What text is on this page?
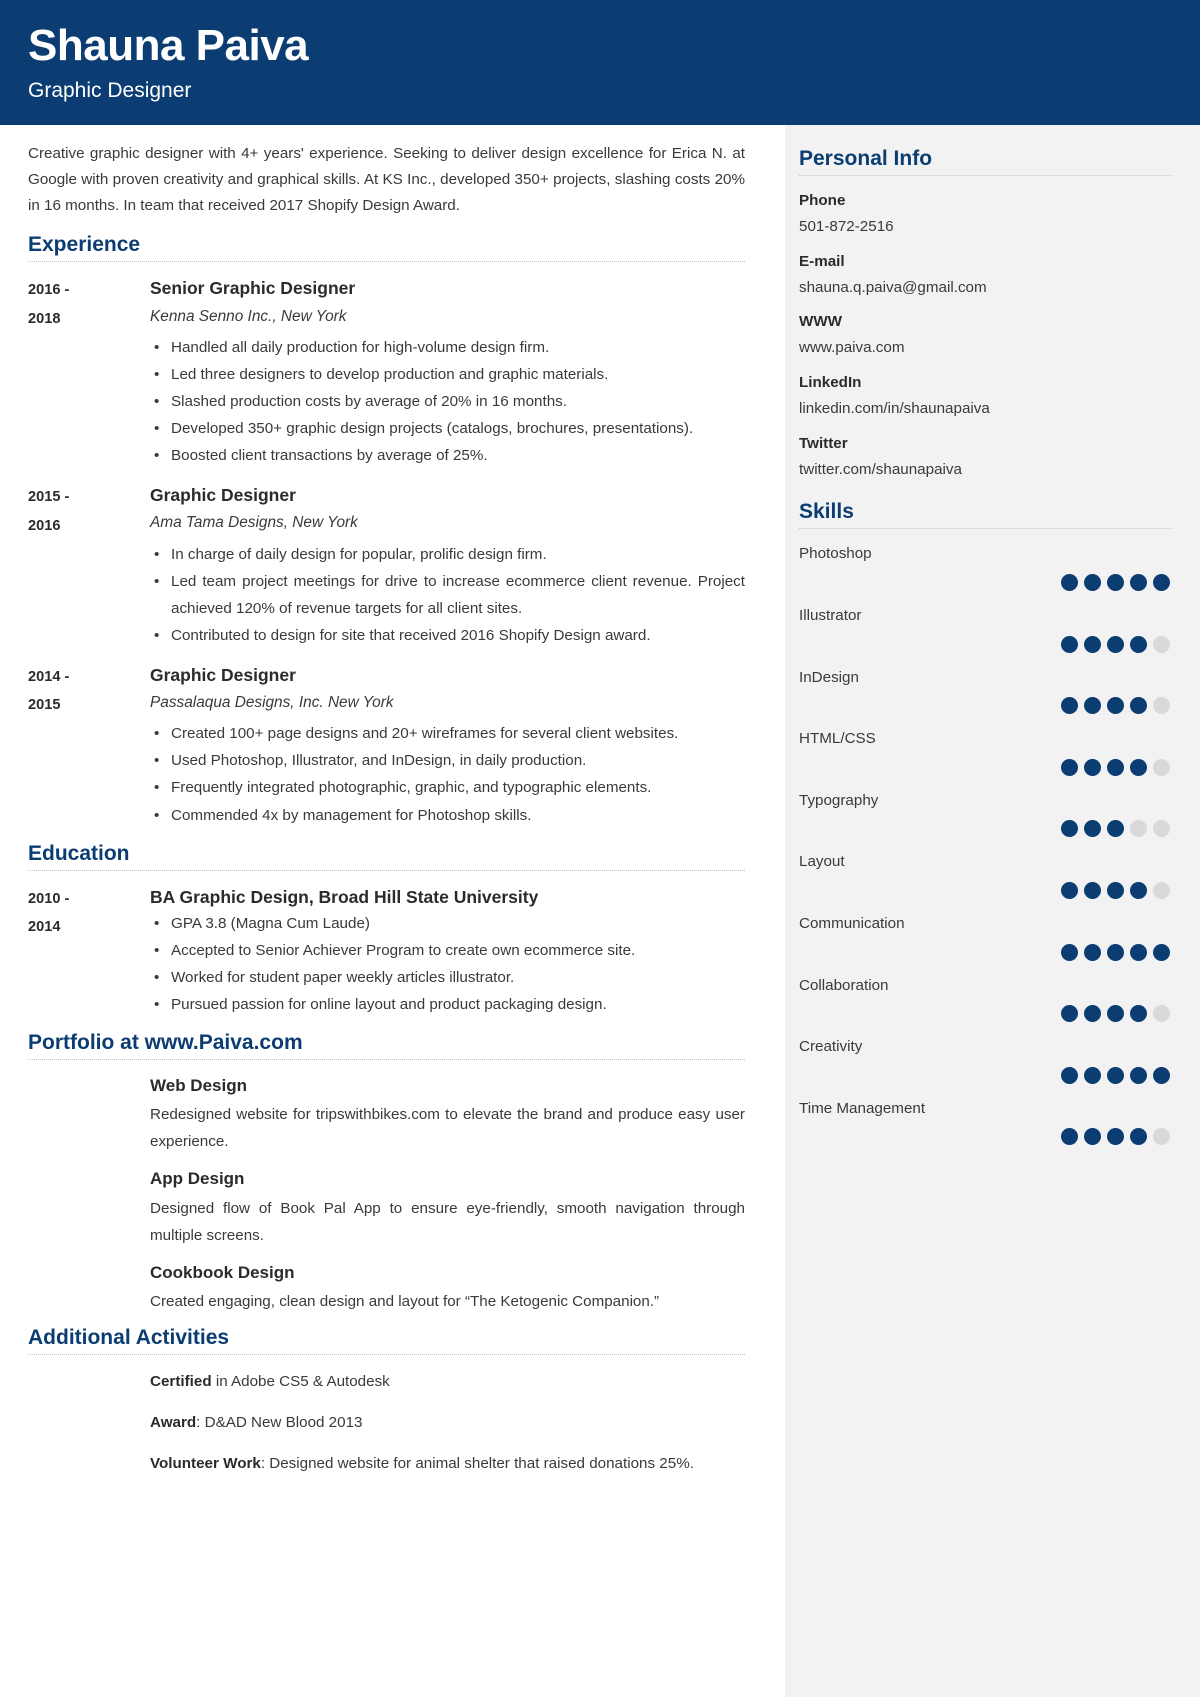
Shauna Paiva
Graphic Designer
Creative graphic designer with 4+ years' experience. Seeking to deliver design excellence for Erica N. at Google with proven creativity and graphical skills. At KS Inc., developed 350+ projects, slashing costs 20% in 16 months. In team that received 2017 Shopify Design Award.
Experience
2016 -
2018
Senior Graphic Designer
Kenna Senno Inc., New York
• Handled all daily production for high-volume design firm.
• Led three designers to develop production and graphic materials.
• Slashed production costs by average of 20% in 16 months.
• Developed 350+ graphic design projects (catalogs, brochures, presentations).
• Boosted client transactions by average of 25%.
2015 -
2016
Graphic Designer
Ama Tama Designs, New York
• In charge of daily design for popular, prolific design firm.
• Led team project meetings for drive to increase ecommerce client revenue. Project achieved 120% of revenue targets for all client sites.
• Contributed to design for site that received 2016 Shopify Design award.
2014 -
2015
Graphic Designer
Passalaqua Designs, Inc. New York
• Created 100+ page designs and 20+ wireframes for several client websites.
• Used Photoshop, Illustrator, and InDesign, in daily production.
• Frequently integrated photographic, graphic, and typographic elements.
• Commended 4x by management for Photoshop skills.
Education
2010 -
2014
BA Graphic Design, Broad Hill State University
• GPA 3.8 (Magna Cum Laude)
• Accepted to Senior Achiever Program to create own ecommerce site.
• Worked for student paper weekly articles illustrator.
• Pursued passion for online layout and product packaging design.
Portfolio at www.Paiva.com
Web Design
Redesigned website for tripswithbikes.com to elevate the brand and produce easy user experience.
App Design
Designed flow of Book Pal App to ensure eye-friendly, smooth navigation through multiple screens.
Cookbook Design
Created engaging, clean design and layout for “The Ketogenic Companion.”
Additional Activities
Certified in Adobe CS5 & Autodesk
Award: D&AD New Blood 2013
Volunteer Work: Designed website for animal shelter that raised donations 25%.
Personal Info
Phone
501-872-2516
E-mail
shauna.q.paiva@gmail.com
WWW
www.paiva.com
LinkedIn
linkedin.com/in/shaunapaiva
Twitter
twitter.com/shaunapaiva
Skills
Photoshop
Illustrator
InDesign
HTML/CSS
Typography
Layout
Communication
Collaboration
Creativity
Time Management
